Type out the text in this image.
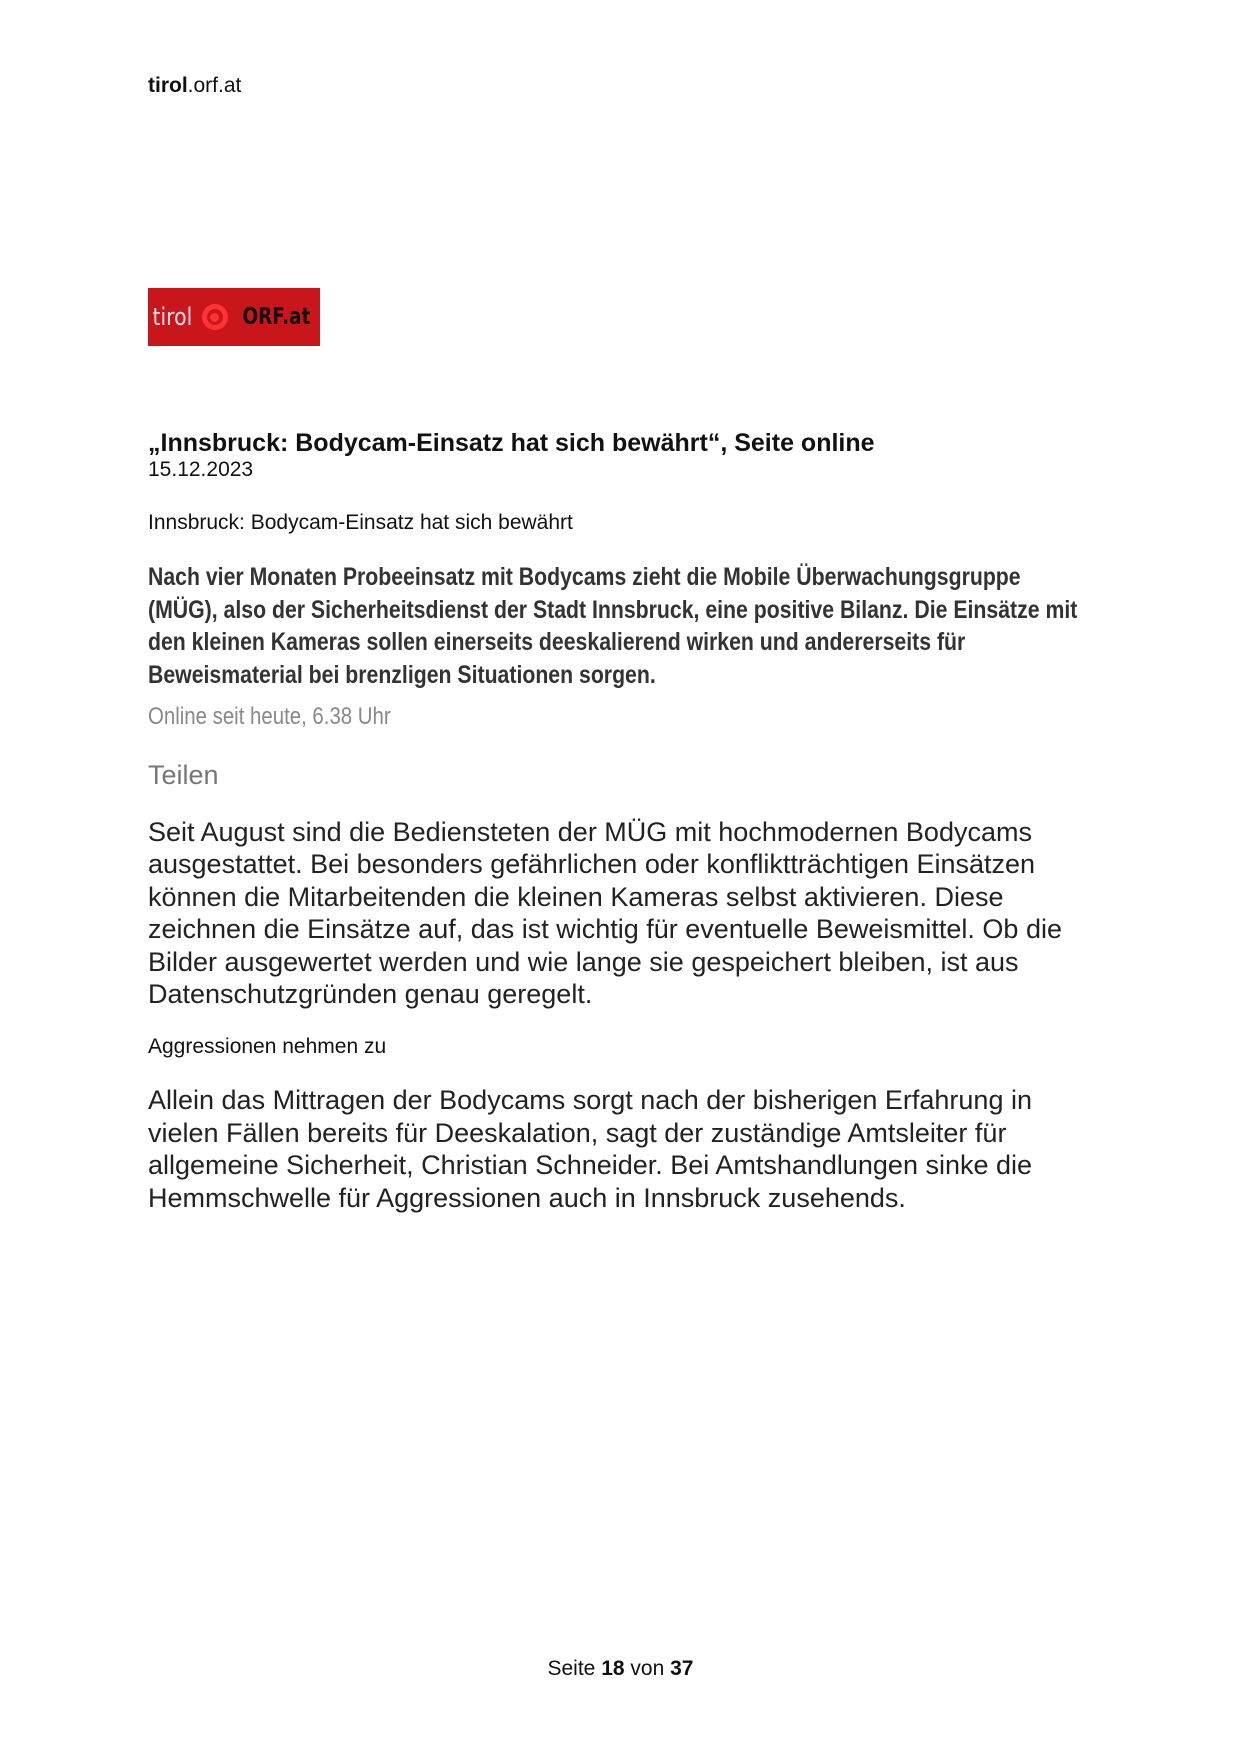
tirol.orf.at
tirol ORF.at
„Innsbruck: Bodycam-Einsatz hat sich bewährt“, Seite online
15.12.2023
Innsbruck: Bodycam-Einsatz hat sich bewährt
Nach vier Monaten Probeeinsatz mit Bodycams zieht die Mobile Überwachungsgruppe (MÜG), also der Sicherheitsdienst der Stadt Innsbruck, eine positive Bilanz. Die Einsätze mit den kleinen Kameras sollen einerseits deeskalierend wirken und andererseits für Beweismaterial bei brenzligen Situationen sorgen.
Online seit heute, 6.38 Uhr
Teilen
Seit August sind die Bediensteten der MÜG mit hochmodernen Bodycams ausgestattet. Bei besonders gefährlichen oder konfliktträchtigen Einsätzen können die Mitarbeitenden die kleinen Kameras selbst aktivieren. Diese zeichnen die Einsätze auf, das ist wichtig für eventuelle Beweismittel. Ob die Bilder ausgewertet werden und wie lange sie gespeichert bleiben, ist aus Datenschutzgründen genau geregelt.
Aggressionen nehmen zu
Allein das Mittragen der Bodycams sorgt nach der bisherigen Erfahrung in vielen Fällen bereits für Deeskalation, sagt der zuständige Amtsleiter für allgemeine Sicherheit, Christian Schneider. Bei Amtshandlungen sinke die Hemmschwelle für Aggressionen auch in Innsbruck zusehends.
Seite 18 von 37
